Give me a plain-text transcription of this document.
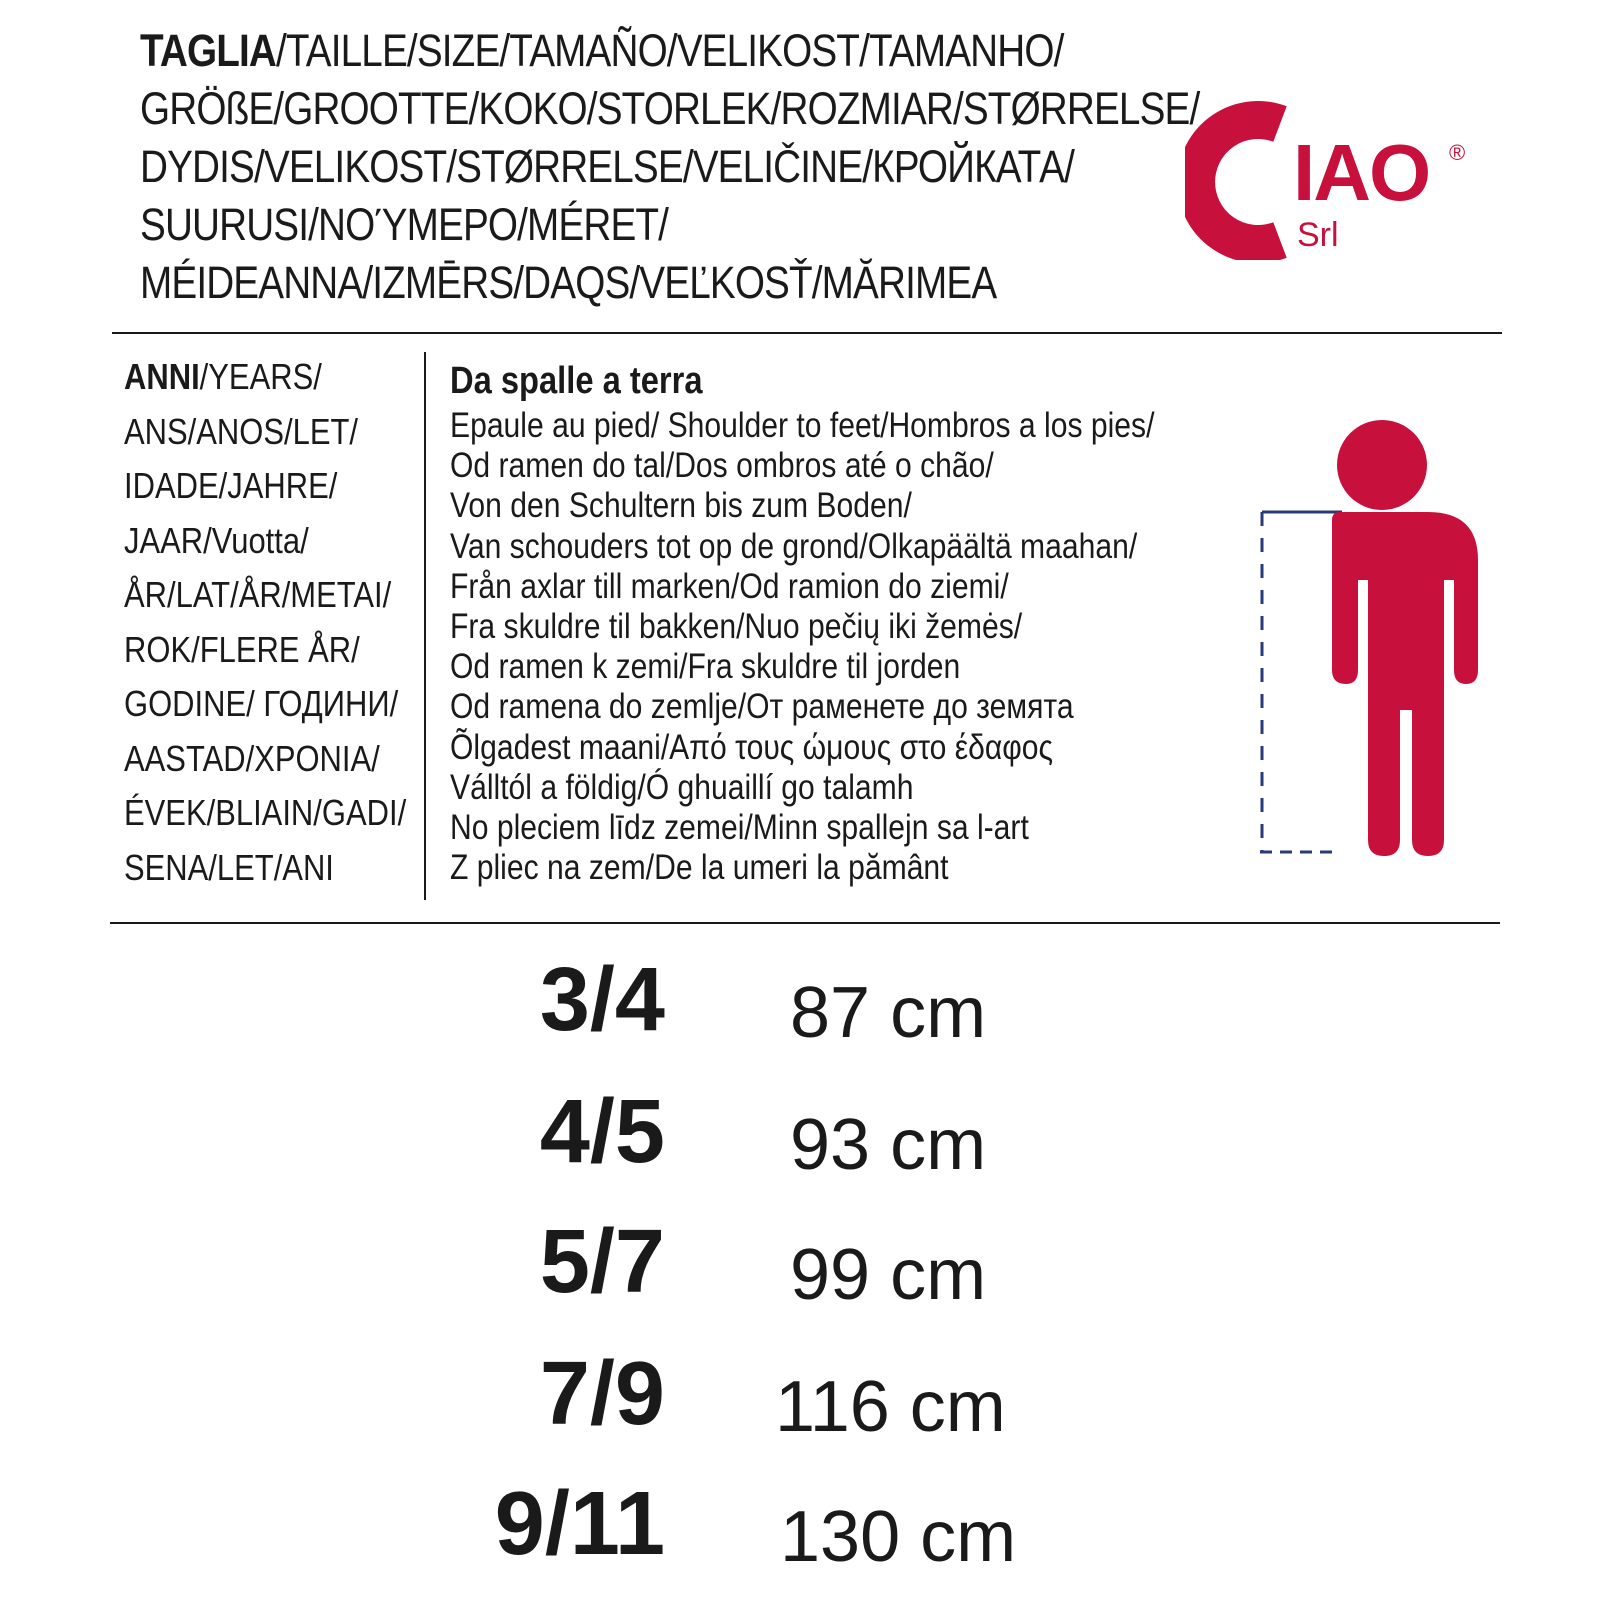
TAGLIA/TAILLE/SIZE/TAMAÑO/VELIKOST/TAMANHO/
GRÖßE/GROOTTE/KOKO/STORLEK/ROZMIAR/STØRRELSE/
DYDIS/VELIKOST/STØRRELSE/VELIČINE/КРОЙКАТА/
SUURUSI/ΝΟΎΜΕΡΟ/MÉRET/
MÉIDEANNA/IZMĒRS/DAQS/VEĽKOSŤ/MĂRIMEA
IAO
Srl
®
ANNI/YEARS/
ANS/ANOS/LET/
IDADE/JAHRE/
JAAR/Vuotta/
ÅR/LAT/ÅR/METAI/
ROK/FLERE ÅR/
GODINE/ ГОДИНИ/
AASTAD/ΧΡΟΝΙΑ/
ÉVEK/BLIAIN/GADI/
SENA/LET/ANI
Da spalle a terra
Epaule au pied/ Shoulder to feet/Hombros a los pies/
Od ramen do tal/Dos ombros até o chão/
Von den Schultern bis zum Boden/
Van schouders tot op de grond/Olkapäältä maahan/
Från axlar till marken/Od ramion do ziemi/
Fra skuldre til bakken/Nuo pečių iki žemės/
Od ramen k zemi/Fra skuldre til jorden
Od ramena do zemlje/От раменете до земята
Õlgadest maani/Από τους ώμους στο έδαφος
Válltól a földig/Ó ghuaillí go talamh
No pleciem līdz zemei/Minn spallejn sa l-art
Z pliec na zem/De la umeri la pământ
3/4 87 cm
4/5 93 cm
5/7 99 cm
7/9 116 cm
9/11 130 cm
